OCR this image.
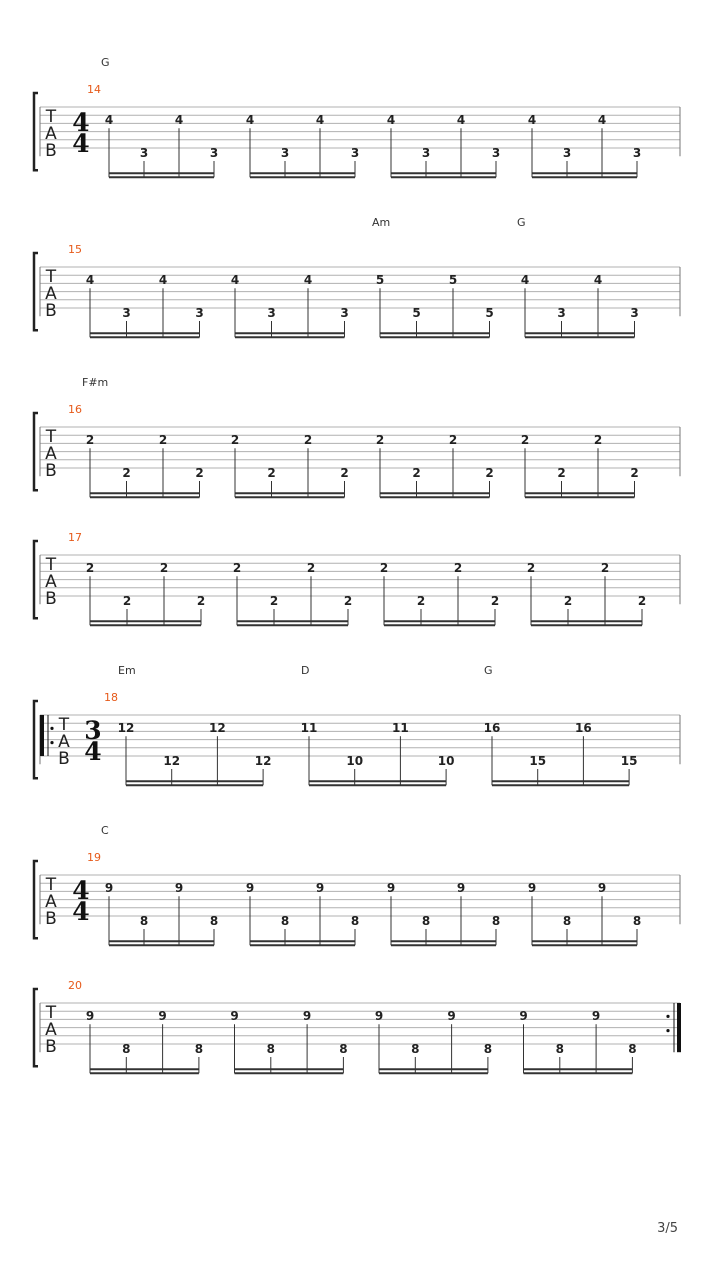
T
A
B
4
4
14
G
4
3
4
3
4
3
4
3
4
3
4
3
4
3
4
3
T
A
B
15
Am	G
4
3
4
3
4
3
4
3
5
5
5
5
4
3
4
3
T
A
B
16
F#m
2
2
2
2
2
2
2
2
2
2
2
2
2
2
2
2
T
A
B
17
2
2
2
2
2
2
2
2
2
2
2
2
2
2
2
2
T
A
B
3
4
18
Em	D	G
12
12
12
12
11
10
11
10
16
15
16
15
T
A
B
4
4
19
C
9
8
9
8
9
8
9
8
9
8
9
8
9
8
9
8
T
A
B
20
9
8
9
8
9
8
9
8
9
8
9
8
9
8
9
8
3/5
